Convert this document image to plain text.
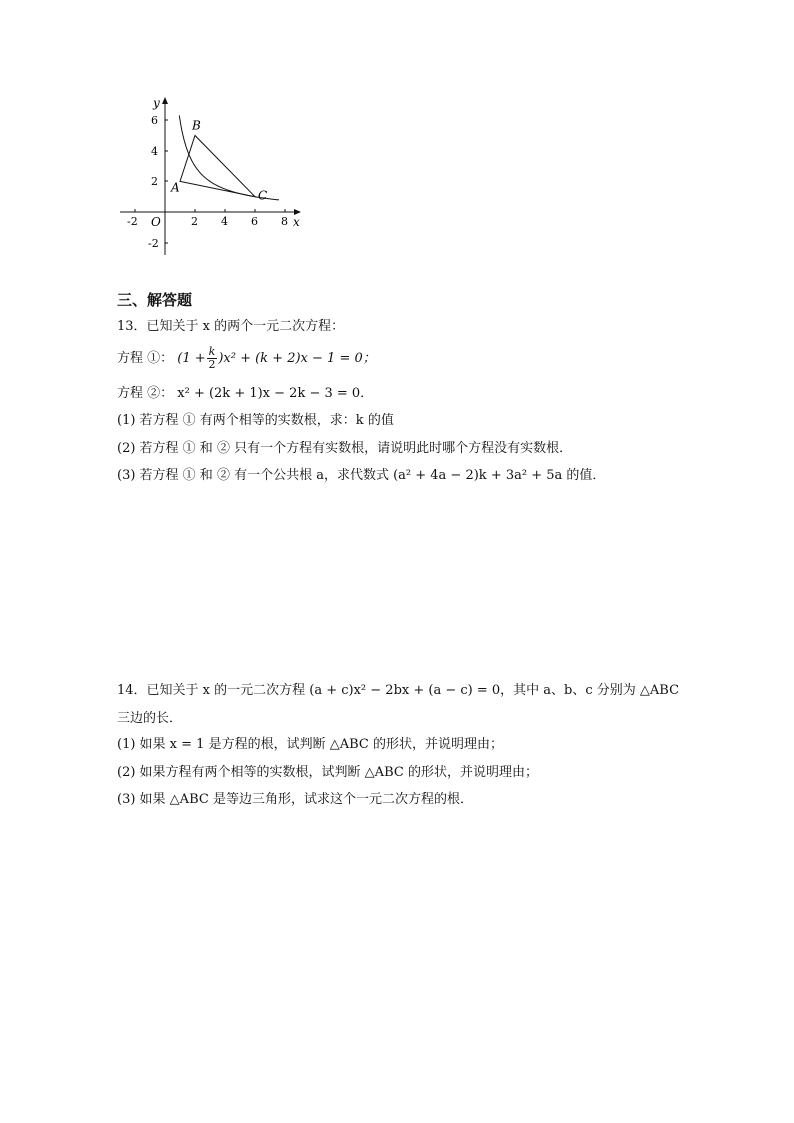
y
x
O
-2	2 4 6 8
6
4
2
-2
A
B
C
三、解答题
13．已知关于 x 的两个一元二次方程：
方程 ①： $(1 + \frac{k}{2} )x^2 + (k + 2)x - 1 = 0$；
方程 ②： x² + (2k + 1)x − 2k − 3 = 0．
(1) 若方程 ① 有两个相等的实数根，求：k 的值
(2) 若方程 ① 和 ② 只有一个方程有实数根，请说明此时哪个方程没有实数根．
(3) 若方程 ① 和 ② 有一个公共根 a，求代数式 (a² + 4a − 2)k + 3a² + 5a 的值．
14．已知关于 x 的一元二次方程 (a + c)x² − 2bx + (a − c) = 0，其中 a、b、c 分别为 △ABC
三边的长．
(1) 如果 x = 1 是方程的根，试判断 △ABC 的形状，并说明理由；
(2) 如果方程有两个相等的实数根，试判断 △ABC 的形状，并说明理由；
(3) 如果 △ABC 是等边三角形，试求这个一元二次方程的根．
